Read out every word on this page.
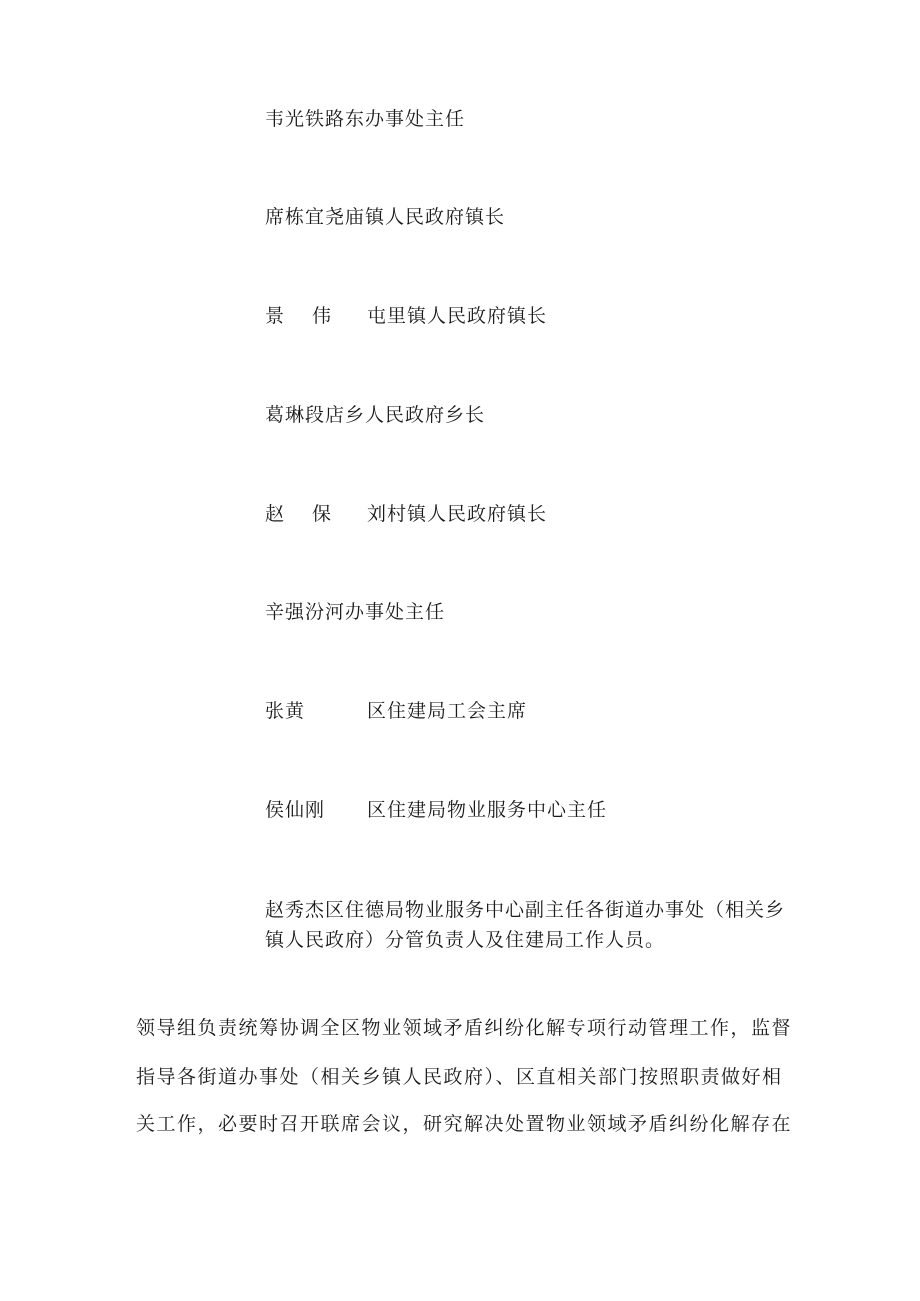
韦光铁路东办事处主任
席栋宜尧庙镇人民政府镇长
景 伟 屯里镇人民政府镇长
葛琳段店乡人民政府乡长
赵 保 刘村镇人民政府镇长
辛强汾河办事处主任
张黄	区住建局工会主席
侯仙刚 区住建局物业服务中心主任
赵秀杰区住德局物业服务中心副主任各街道办事处（相关乡镇人民政府）分管负责人及住建局工作人员。
领导组负责统筹协调全区物业领域矛盾纠纷化解专项行动管理工作，监督
指导各街道办事处（相关乡镇人民政府）、区直相关部门按照职责做好相
关工作，必要时召开联席会议，研究解决处置物业领域矛盾纠纷化解存在
